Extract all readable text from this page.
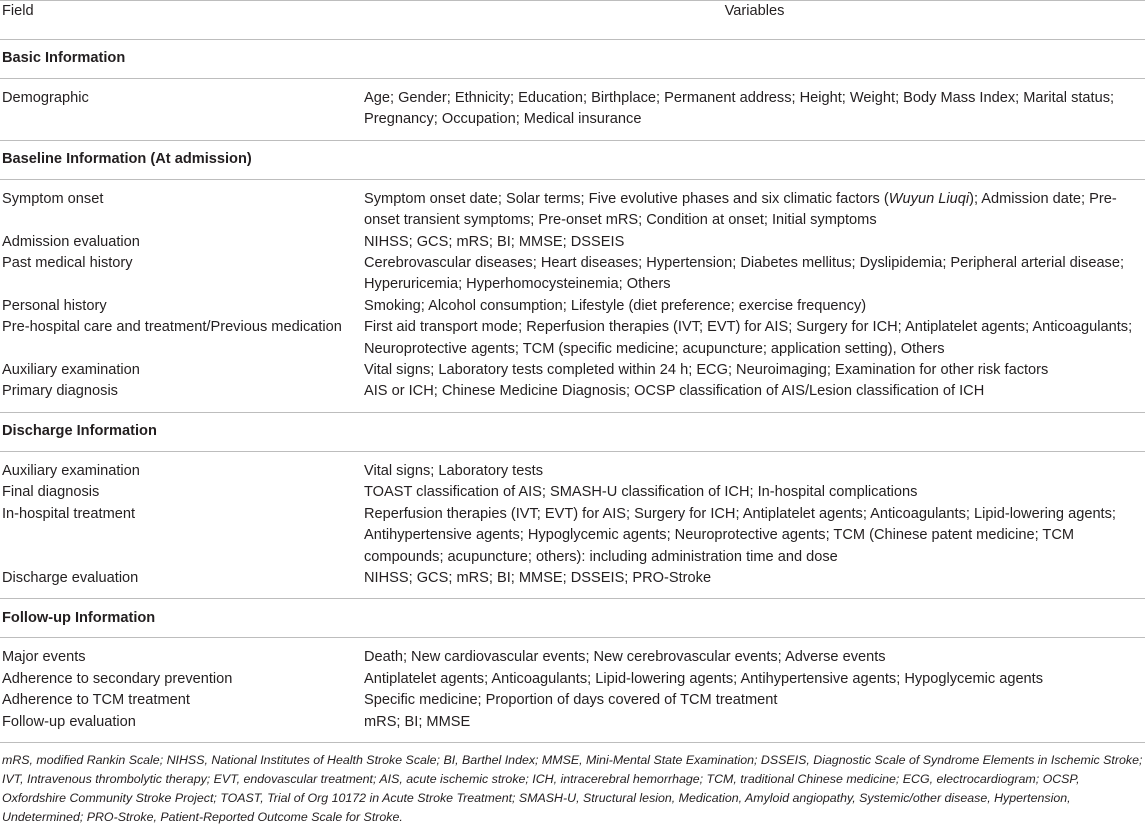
Field	Variables
Basic Information	
Demographic	Age; Gender; Ethnicity; Education; Birthplace; Permanent address; Height; Weight; Body Mass Index; Marital status; Pregnancy; Occupation; Medical insurance
Baseline Information (At admission)	
Symptom onset	Symptom onset date; Solar terms; Five evolutive phases and six climatic factors (Wuyun Liuqi); Admission date; Pre-onset transient symptoms; Pre-onset mRS; Condition at onset; Initial symptoms
Admission evaluation	NIHSS; GCS; mRS; BI; MMSE; DSSEIS
Past medical history	Cerebrovascular diseases; Heart diseases; Hypertension; Diabetes mellitus; Dyslipidemia; Peripheral arterial disease; Hyperuricemia; Hyperhomocysteinemia; Others
Personal history	Smoking; Alcohol consumption; Lifestyle (diet preference; exercise frequency)
Pre-hospital care and treatment/Previous medication	First aid transport mode; Reperfusion therapies (IVT; EVT) for AIS; Surgery for ICH; Antiplatelet agents; Anticoagulants; Neuroprotective agents; TCM (specific medicine; acupuncture; application setting), Others
Auxiliary examination	Vital signs; Laboratory tests completed within 24 h; ECG; Neuroimaging; Examination for other risk factors
Primary diagnosis	AIS or ICH; Chinese Medicine Diagnosis; OCSP classification of AIS/Lesion classification of ICH
Discharge Information	
Auxiliary examination	Vital signs; Laboratory tests
Final diagnosis	TOAST classification of AIS; SMASH-U classification of ICH; In-hospital complications
In-hospital treatment	Reperfusion therapies (IVT; EVT) for AIS; Surgery for ICH; Antiplatelet agents; Anticoagulants; Lipid-lowering agents; Antihypertensive agents; Hypoglycemic agents; Neuroprotective agents; TCM (Chinese patent medicine; TCM compounds; acupuncture; others): including administration time and dose
Discharge evaluation	NIHSS; GCS; mRS; BI; MMSE; DSSEIS; PRO-Stroke
Follow-up Information	
Major events	Death; New cardiovascular events; New cerebrovascular events; Adverse events
Adherence to secondary prevention	Antiplatelet agents; Anticoagulants; Lipid-lowering agents; Antihypertensive agents; Hypoglycemic agents
Adherence to TCM treatment	Specific medicine; Proportion of days covered of TCM treatment
Follow-up evaluation	mRS; BI; MMSE
mRS, modified Rankin Scale; NIHSS, National Institutes of Health Stroke Scale; BI, Barthel Index; MMSE, Mini-Mental State Examination; DSSEIS, Diagnostic Scale of Syndrome Elements in Ischemic Stroke; IVT, Intravenous thrombolytic therapy; EVT, endovascular treatment; AIS, acute ischemic stroke; ICH, intracerebral hemorrhage; TCM, traditional Chinese medicine; ECG, electrocardiogram; OCSP, Oxfordshire Community Stroke Project; TOAST, Trial of Org 10172 in Acute Stroke Treatment; SMASH-U, Structural lesion, Medication, Amyloid angiopathy, Systemic/other disease, Hypertension, Undetermined; PRO-Stroke, Patient-Reported Outcome Scale for Stroke.
